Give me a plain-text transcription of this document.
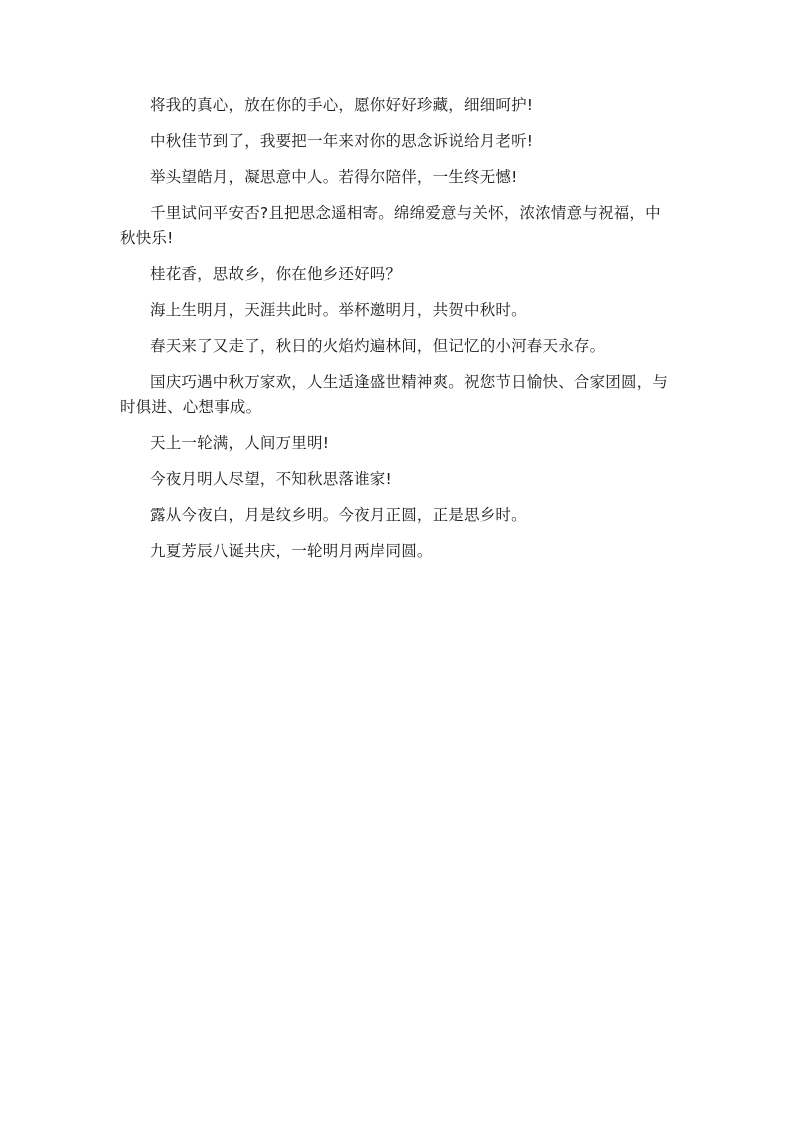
将我的真心，放在你的手心，愿你好好珍藏，细细呵护!

中秋佳节到了，我要把一年来对你的思念诉说给月老听!

举头望皓月，凝思意中人。若得尔陪伴，一生终无憾!

千里试问平安否?且把思念遥相寄。绵绵爱意与关怀，浓浓情意与祝福，中秋快乐!

桂花香，思故乡，你在他乡还好吗？

海上生明月，天涯共此时。举杯邀明月，共贺中秋时。

春天来了又走了，秋日的火焰灼遍林间，但记忆的小河春天永存。

国庆巧遇中秋万家欢，人生适逢盛世精神爽。祝您节日愉快、合家团圆，与时俱进、心想事成。

天上一轮满，人间万里明!

今夜月明人尽望，不知秋思落谁家!

露从今夜白，月是纹乡明。今夜月正圆，正是思乡时。

九夏芳辰八诞共庆，一轮明月两岸同圆。
